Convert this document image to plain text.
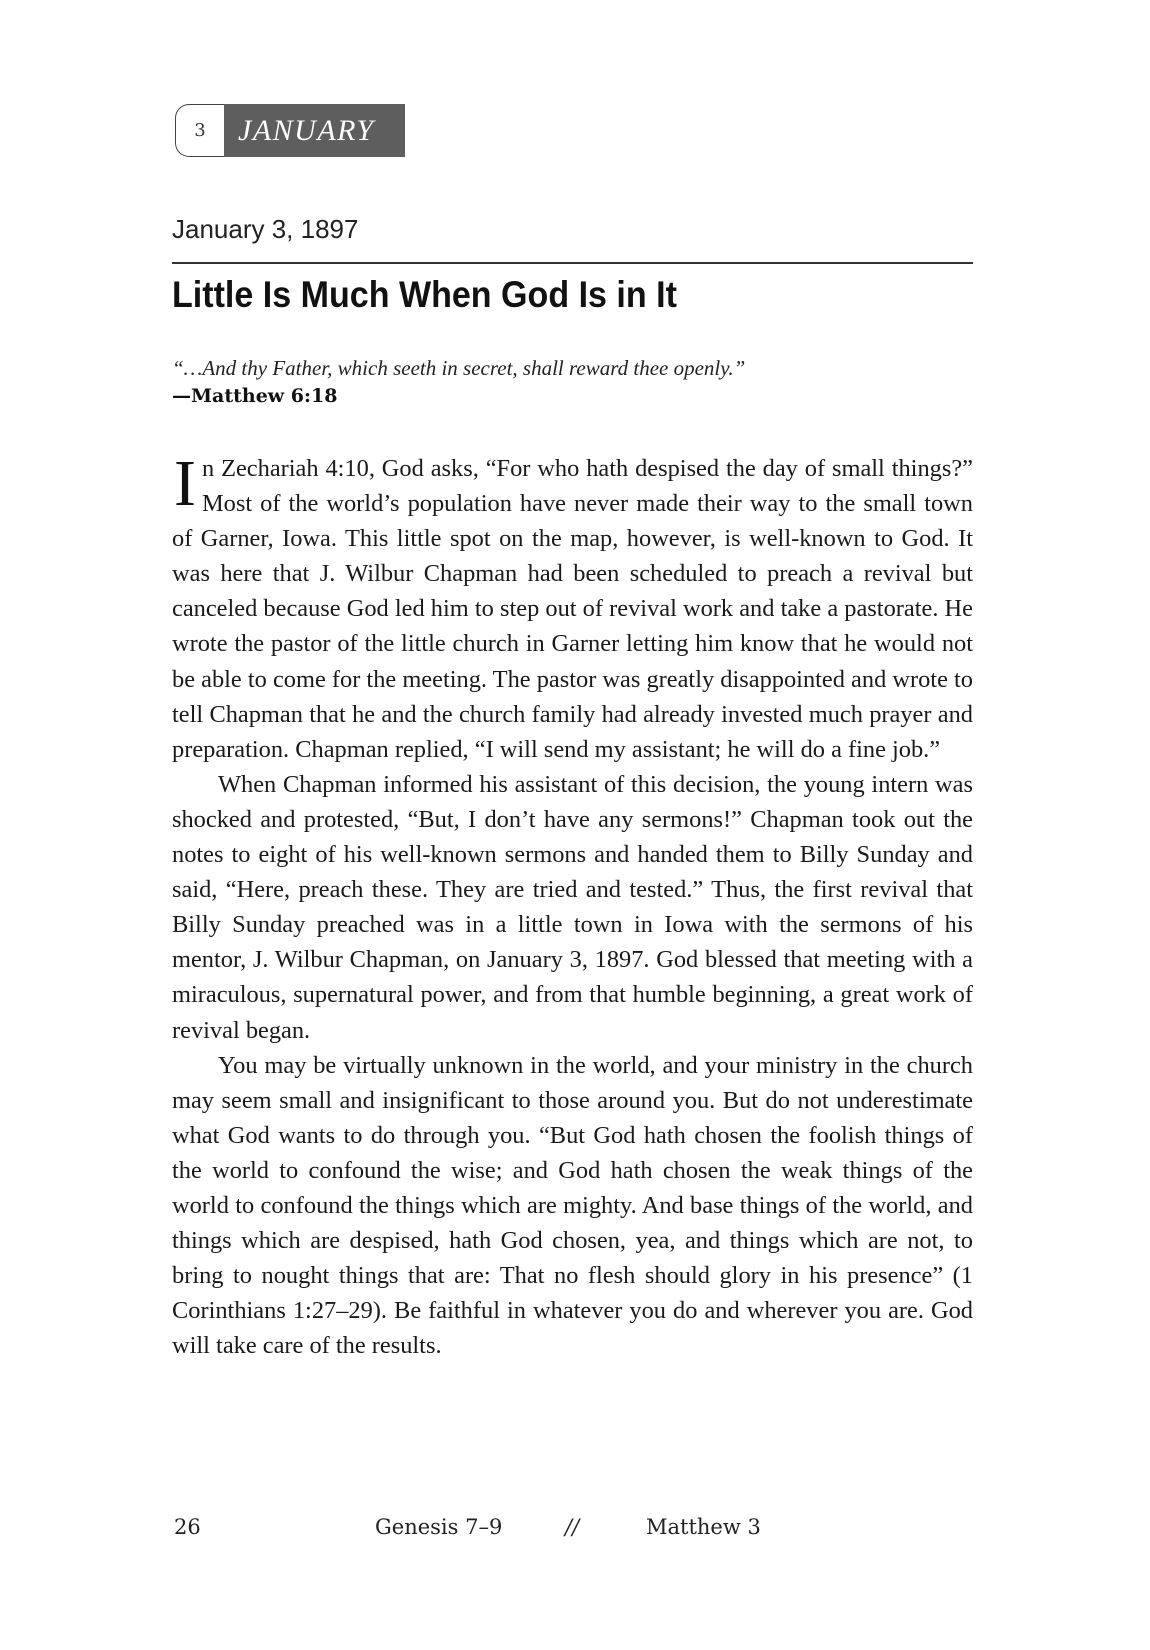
3	JANUARY
January 3, 1897
Little Is Much When God Is in It
“…And thy Father, which seeth in secret, shall reward thee openly.”
—Matthew 6:18

In Zechariah 4:10, God asks, “For who hath despised the day of small things?” Most of the world’s population have never made their way to the small town of Garner, Iowa. This little spot on the map, however, is well-known to God. It was here that J. Wilbur Chapman had been scheduled to preach a revival but canceled because God led him to step out of revival work and take a pastorate. He wrote the pastor of the little church in Garner letting him know that he would not be able to come for the meeting. The pastor was greatly disappointed and wrote to tell Chapman that he and the church family had already invested much prayer and preparation. Chapman replied, “I will send my assistant; he will do a fine job.”

When Chapman informed his assistant of this decision, the young intern was shocked and protested, “But, I don’t have any sermons!” Chapman took out the notes to eight of his well-known sermons and handed them to Billy Sunday and said, “Here, preach these. They are tried and tested.” Thus, the first revival that Billy Sunday preached was in a little town in Iowa with the sermons of his mentor, J. Wilbur Chapman, on January 3, 1897. God blessed that meeting with a miraculous, supernatural power, and from that humble beginning, a great work of revival began.

You may be virtually unknown in the world, and your ministry in the church may seem small and insignificant to those around you. But do not underestimate what God wants to do through you. “But God hath chosen the foolish things of the world to confound the wise; and God hath chosen the weak things of the world to confound the things which are mighty. And base things of the world, and things which are despised, hath God chosen, yea, and things which are not, to bring to nought things that are: That no flesh should glory in his presence” (1 Corinthians 1:27–29). Be faithful in whatever you do and wherever you are. God will take care of the results.

26	Genesis 7–9	//	Matthew 3
